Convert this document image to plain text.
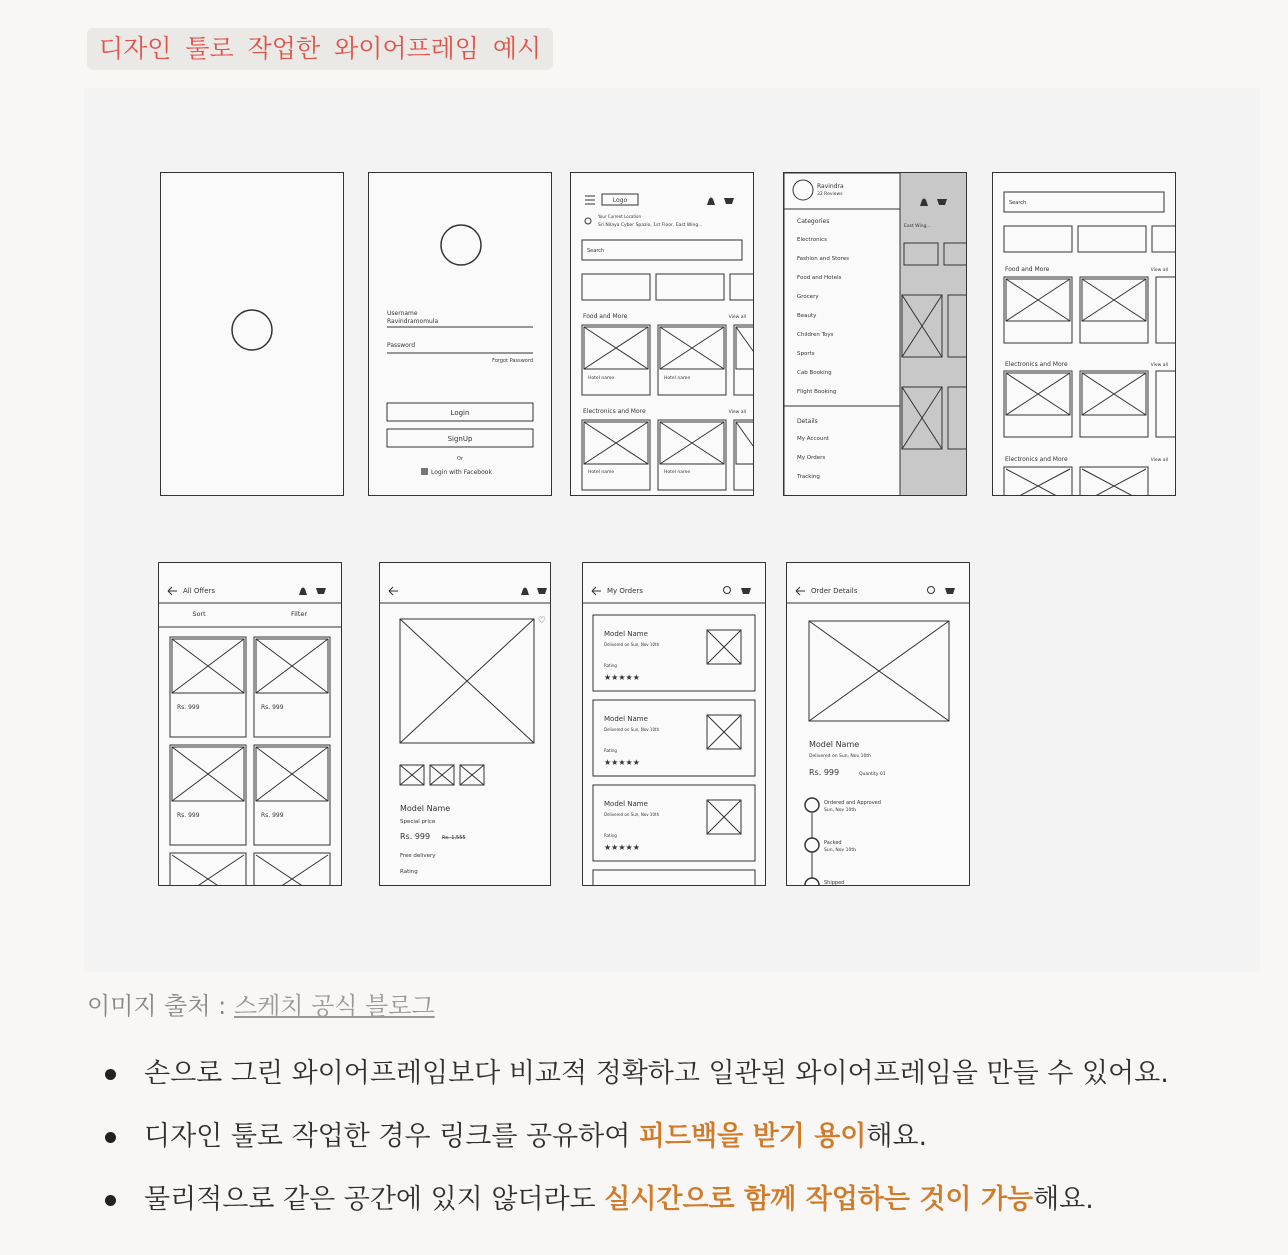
디자인 툴로 작업한 와이어프레임 예시
Username
Ravindramomula
Password
Forgot Password
Login
SignUp
Or
Login with Facebook
Logo
Your Current Location
Sri Nilaya Cyber Spazio, 1st Floor, East Wing...
Search
Food and More	View all
Hotel name	Hotel name
Electronics and More	View all
Hotel name	Hotel name
East Wing...
Ravindra
32 Reviews
Categories
Electronics
Fashion and Stores
Food and Hotels
Grocery
Beauty
Children Toys
Sports
Cab Booking
Flight Booking
Details
My Account
My Orders
Tracking
Search
Food and More	View all
Electronics and More	View all
Electronics and More	View all
All Offers
Sort	Filter
Rs. 999	Rs. 999
Rs. 999	Rs. 999
♡
Model Name
Special price
Rs. 999 Rs. 1,555
Free delivery
Rating
My Orders
Model Name
Delivered on Sun, Nov 10th
Rating
★★★★★
Model Name
Delivered on Sun, Nov 10th
Rating
★★★★★
Model Name
Delivered on Sun, Nov 10th
Rating
★★★★★
Order Details
Model Name
Delivered on Sun, Nov 10th
Rs. 999	Quantity 01
Ordered and Approved
Sun, Nov 10th
Packed
Sun, Nov 10th
Shipped
이미지 출처 : 스케치 공식 블로그
손으로 그린 와이어프레임보다 비교적 정확하고 일관된 와이어프레임을 만들 수 있어요.
디자인 툴로 작업한 경우 링크를 공유하여 피드백을 받기 용이해요.
물리적으로 같은 공간에 있지 않더라도 실시간으로 함께 작업하는 것이 가능해요.
